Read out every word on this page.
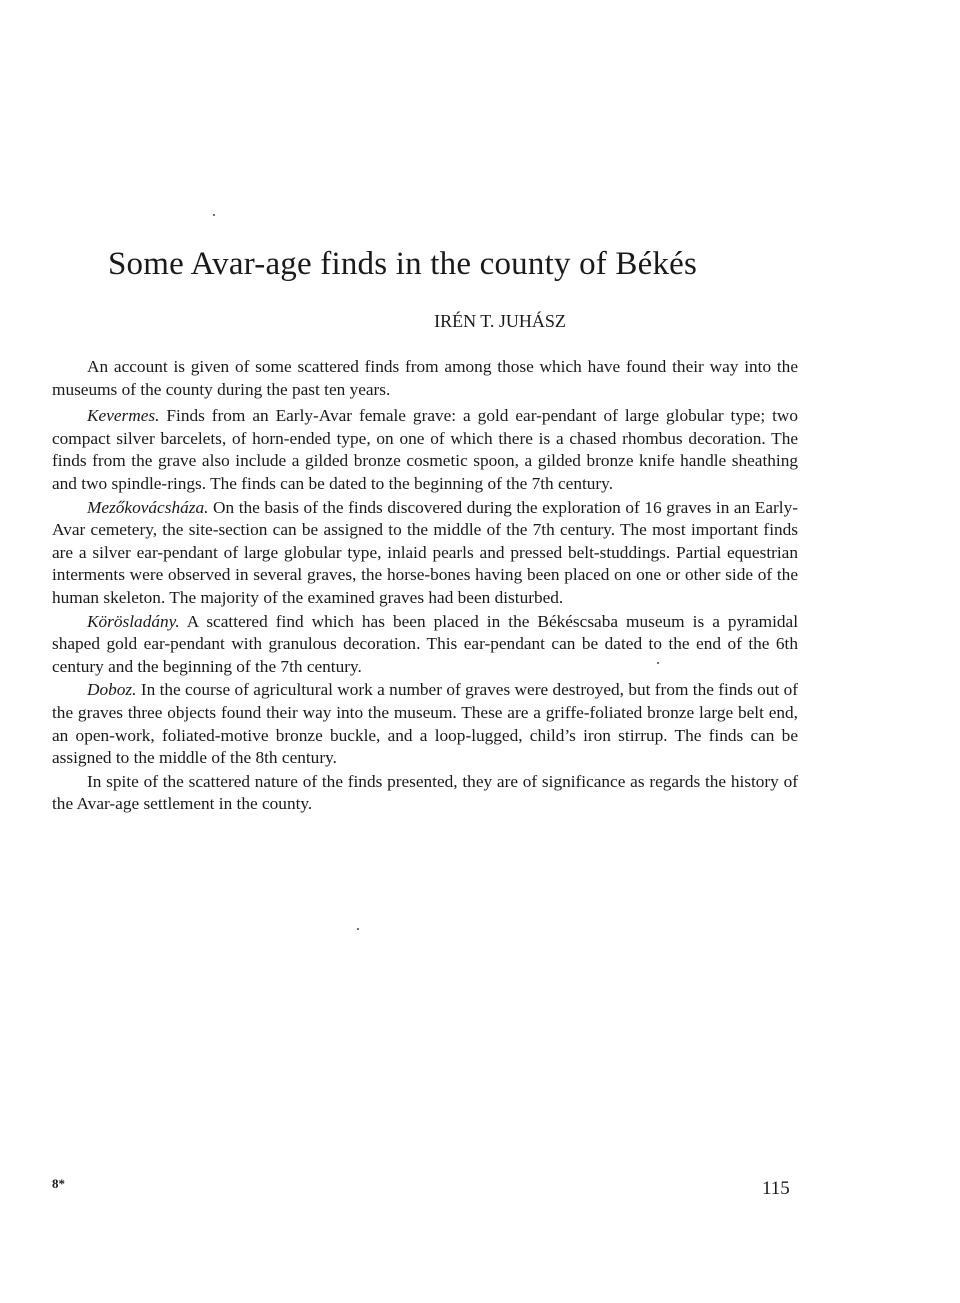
Some Avar-age finds in the county of Békés
IRÉN T. JUHÁSZ

An account is given of some scattered finds from among those which have found their way into the museums of the county during the past ten years.

Kevermes. Finds from an Early-Avar female grave: a gold ear-pendant of large globular type; two compact silver barcelets, of horn-ended type, on one of which there is a chased rhombus decoration. The finds from the grave also include a gilded bronze cosmetic spoon, a gilded bronze knife handle sheathing and two spindle-rings. The finds can be dated to the beginning of the 7th century.

Mezőkovácsháza. On the basis of the finds discovered during the exploration of 16 graves in an Early-Avar cemetery, the site-section can be assigned to the middle of the 7th century. The most important finds are a silver ear-pendant of large globular type, inlaid pearls and pressed belt-studdings. Partial equestrian interments were observed in several graves, the horse-bones having been placed on one or other side of the human skeleton. The majority of the examined graves had been disturbed.

Körösladány. A scattered find which has been placed in the Békéscsaba museum is a pyramidal shaped gold ear-pendant with granulous decoration. This ear-pendant can be dated to the end of the 6th century and the beginning of the 7th century.

Doboz. In the course of agricultural work a number of graves were destroyed, but from the finds out of the graves three objects found their way into the museum. These are a griffe-foliated bronze large belt end, an open-work, foliated-motive bronze buckle, and a loop-lugged, child’s iron stirrup. The finds can be assigned to the middle of the 8th century.

In spite of the scattered nature of the finds presented, they are of significance as regards the history of the Avar-age settlement in the county.

8*	115
